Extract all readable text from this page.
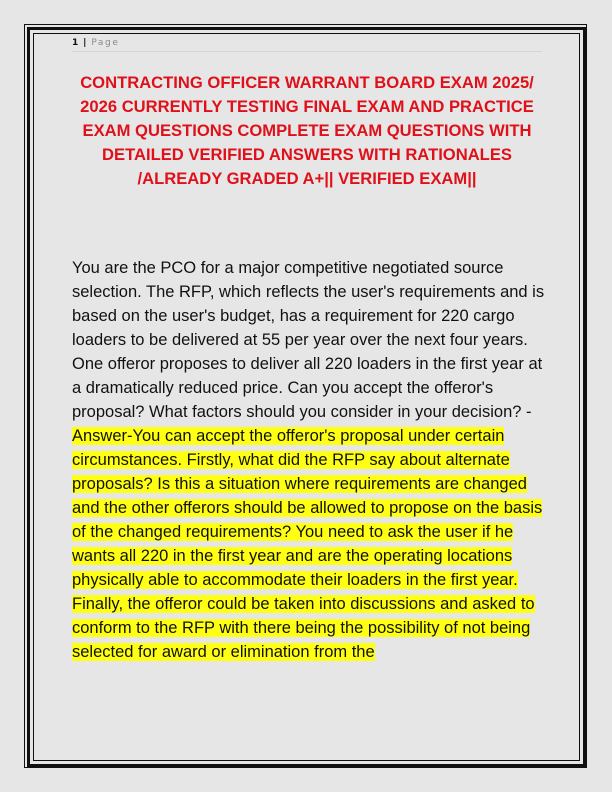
1 | Page
CONTRACTING OFFICER WARRANT BOARD EXAM 2025/ 2026 CURRENTLY TESTING FINAL EXAM AND PRACTICE EXAM QUESTIONS COMPLETE EXAM QUESTIONS WITH DETAILED VERIFIED ANSWERS WITH RATIONALES /ALREADY GRADED A+|| VERIFIED EXAM||

You are the PCO for a major competitive negotiated source selection. The RFP, which reflects the user's requirements and is based on the user's budget, has a requirement for 220 cargo loaders to be delivered at 55 per year over the next four years. One offeror proposes to deliver all 220 loaders in the first year at a dramatically reduced price. Can you accept the offeror's proposal? What factors should you consider in your decision? - Answer-You can accept the offeror's proposal under certain circumstances. Firstly, what did the RFP say about alternate proposals? Is this a situation where requirements are changed and the other offerors should be allowed to propose on the basis of the changed requirements? You need to ask the user if he wants all 220 in the first year and are the operating locations physically able to accommodate their loaders in the first year. Finally, the offeror could be taken into discussions and asked to conform to the RFP with there being the possibility of not being selected for award or elimination from the
